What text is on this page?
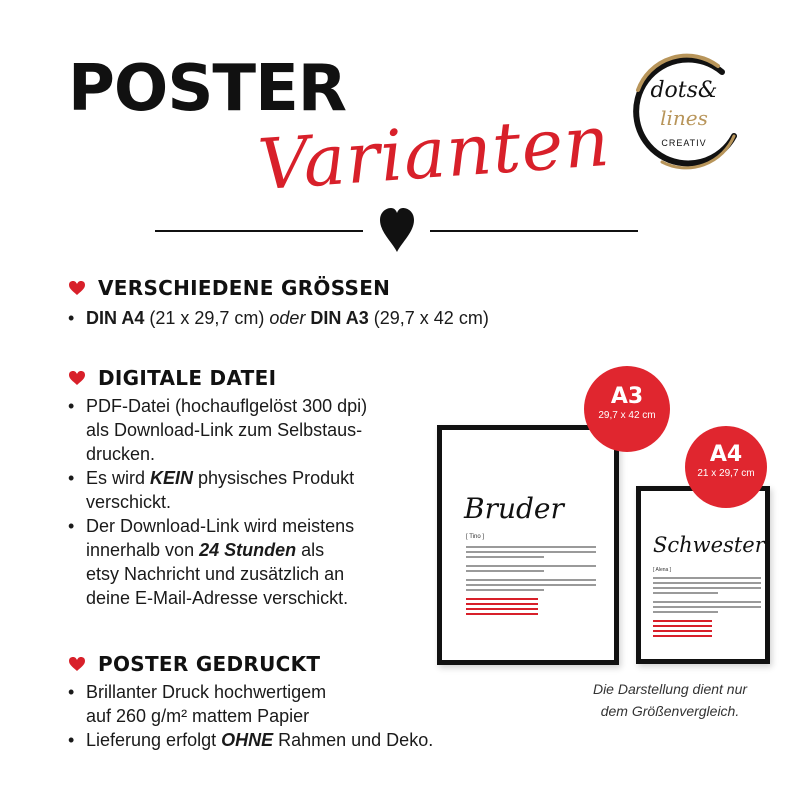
POSTER
Varianten
dots&
lines
CREATIV
VERSCHIEDENE GRÖSSEN
• DIN A4 (21 x 29,7 cm) oder DIN A3 (29,7 x 42 cm)
DIGITALE DATEI
• PDF-Datei (hochauflgelöst 300 dpi)
als Download-Link zum Selbstaus-
drucken.
• Es wird KEIN physisches Produkt
verschickt.
• Der Download-Link wird meistens
innerhalb von 24 Stunden als
etsy Nachricht und zusätzlich an
deine E-Mail-Adresse verschickt.
POSTER GEDRUCKT
• Brillanter Druck hochwertigem
auf 260 g/m² mattem Papier
• Lieferung erfolgt OHNE Rahmen und Deko.
Bruder
[ Tino ]	Schwester
[ Alena ]
A3
29,7 x 42 cm
A4
21 x 29,7 cm
Die Darstellung dient nur
dem Größenvergleich.
